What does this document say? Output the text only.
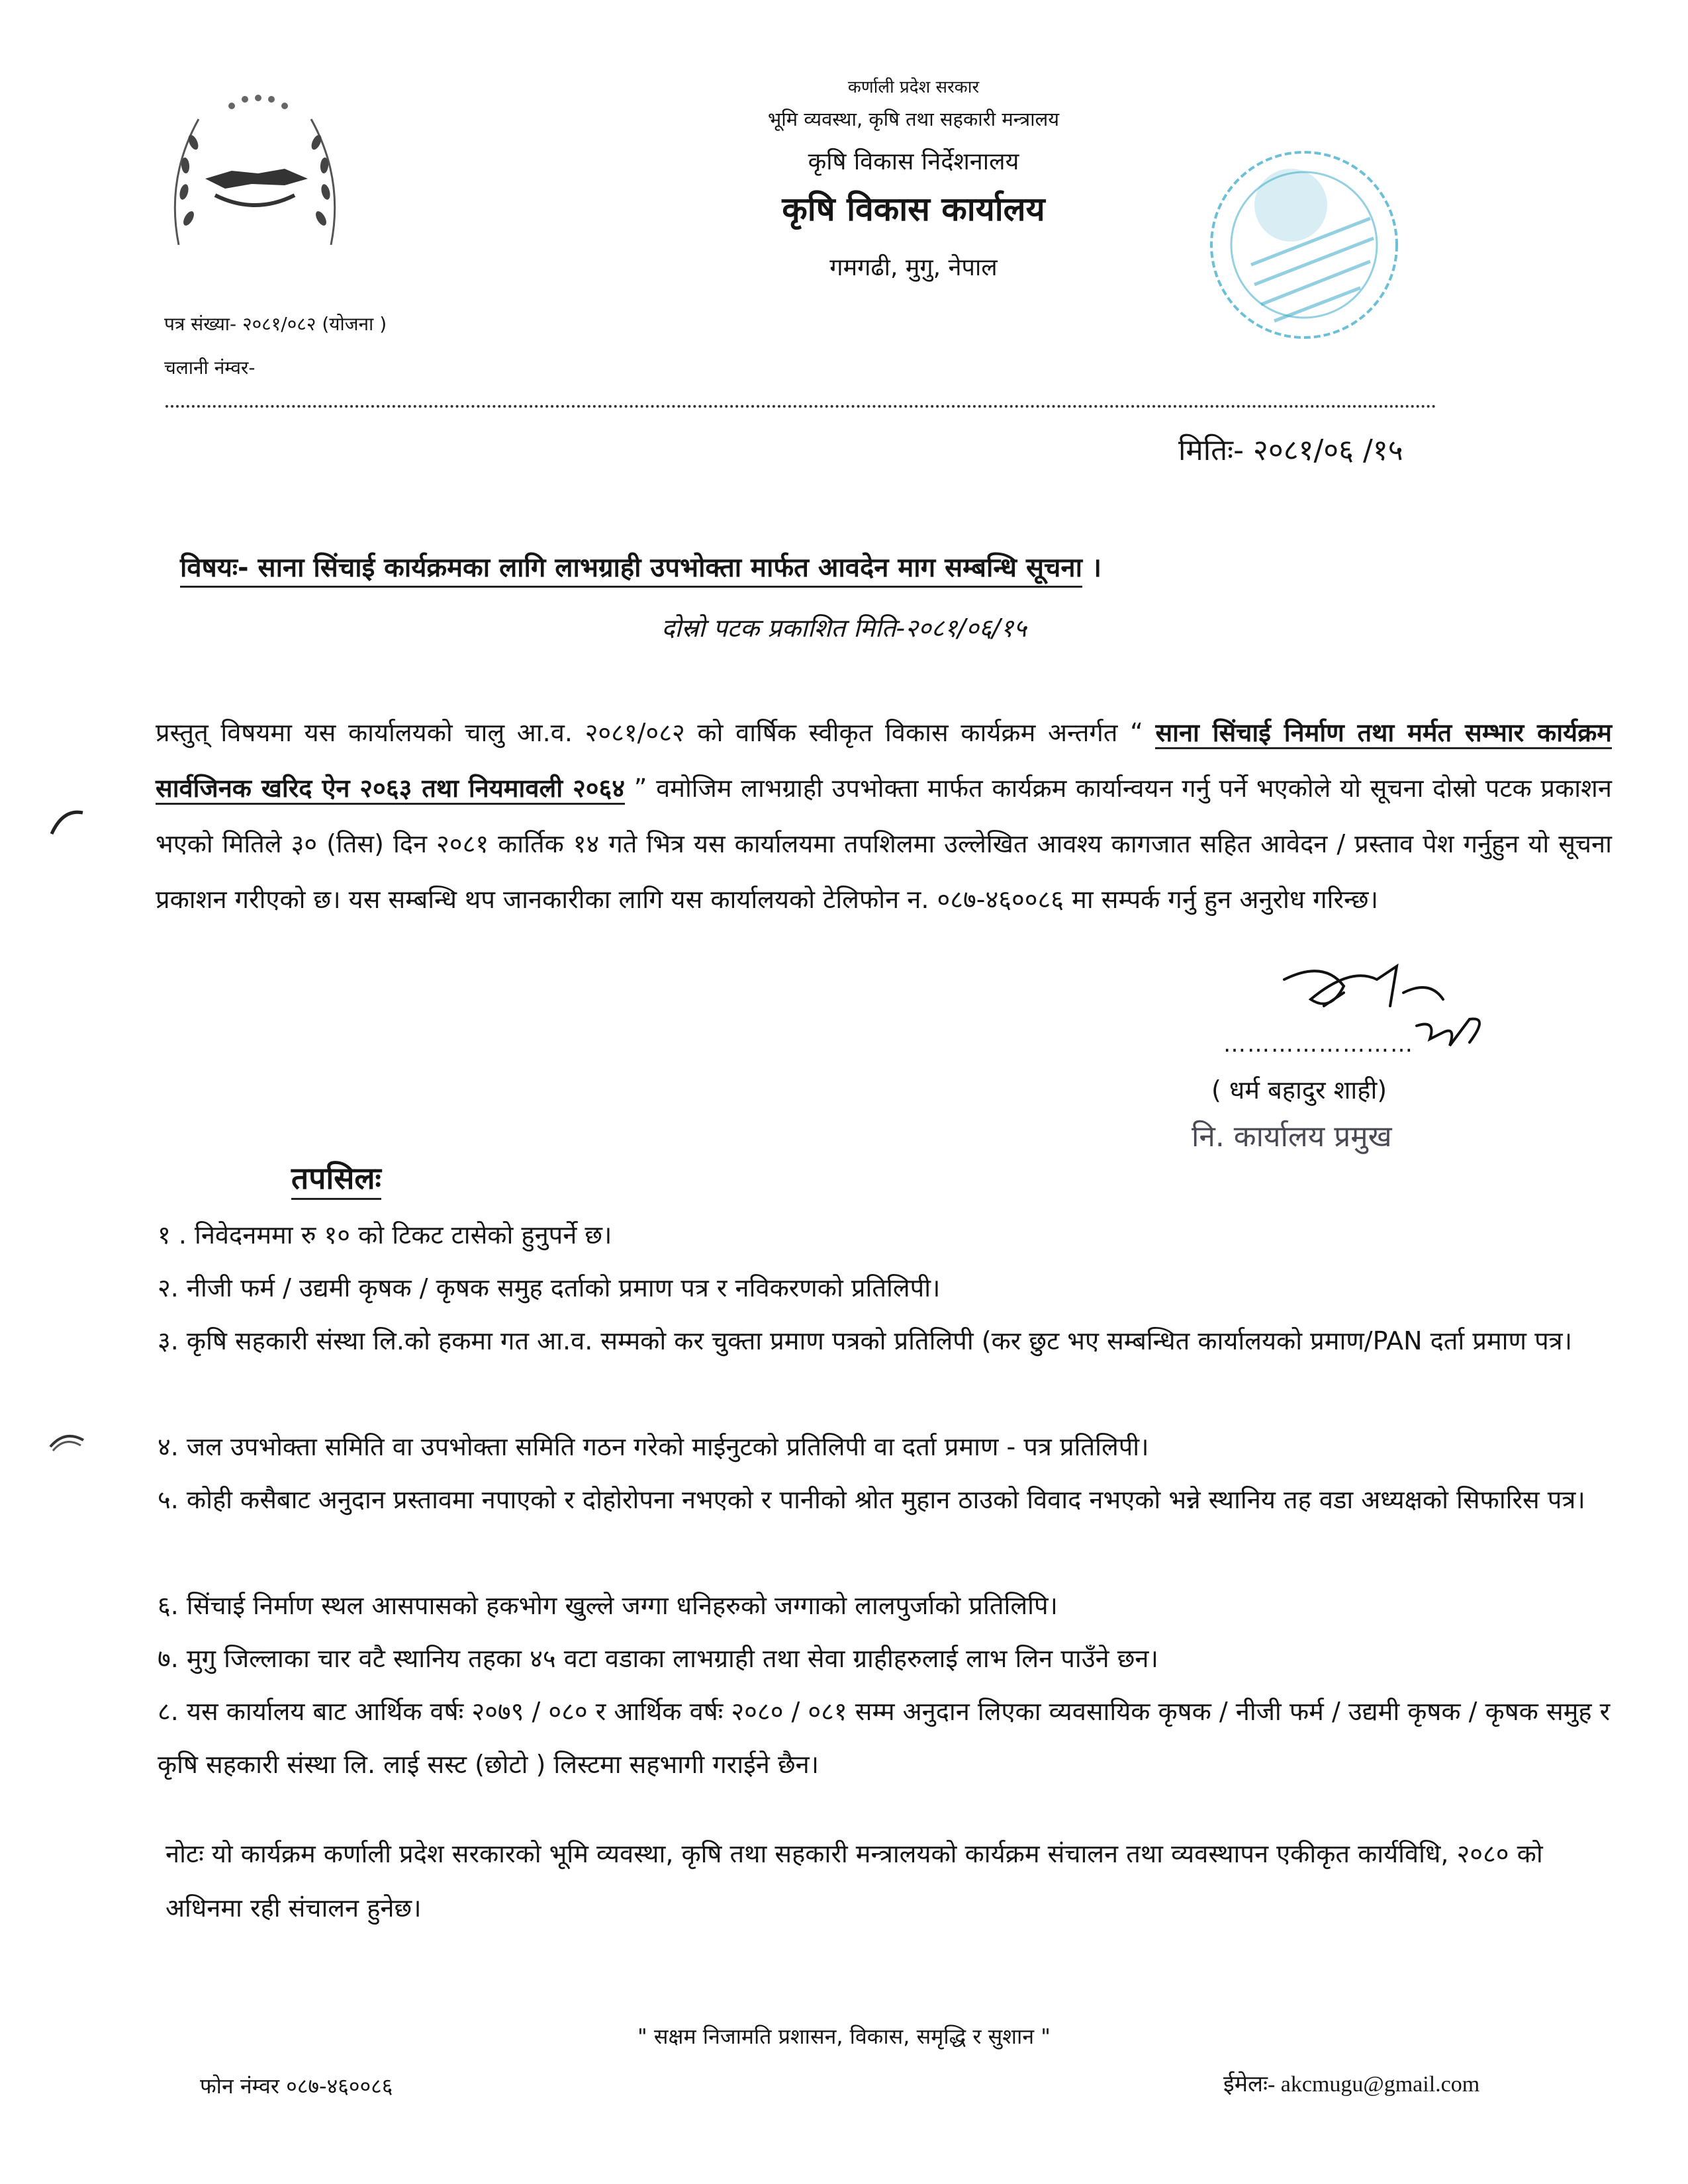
कर्णाली प्रदेश सरकार
भूमि व्यवस्था, कृषि तथा सहकारी मन्त्रालय
कृषि विकास निर्देशनालय
कृषि विकास कार्यालय
गमगढी, मुगु, नेपाल
पत्र संख्या- २०८१/०८२ (योजना )
चलानी नंम्वर-
मितिः- २०८१/०६ /१५
विषयः- साना सिंचाई कार्यक्रमका लागि लाभग्राही उपभोक्ता मार्फत आवदेन माग सम्बन्धि सूचना ।
दोस्रो पटक प्रकाशित मिति-२०८१/०६/१५
प्रस्तुत् विषयमा यस कार्यालयको चालु आ.व. २०८१/०८२ को वार्षिक स्वीकृत विकास कार्यक्रम अन्तर्गत “ साना सिंचाई निर्माण तथा मर्मत सम्भार कार्यक्रम सार्वजिनक खरिद ऐन २०६३ तथा नियमावली २०६४ ” वमोजिम लाभग्राही उपभोक्ता मार्फत कार्यक्रम कार्यान्वयन गर्नु पर्ने भएकोले यो सूचना दोस्रो पटक प्रकाशन भएको मितिले ३० (तिस) दिन २०८१ कार्तिक १४ गते भित्र यस कार्यालयमा तपशिलमा उल्लेखित आवश्य कागजात सहित आवेदन / प्रस्ताव पेश गर्नुहुन यो सूचना प्रकाशन गरीएको छ। यस सम्बन्धि थप जानकारीका लागि यस कार्यालयको टेलिफोन न. ०८७-४६००८६ मा सम्पर्क गर्नु हुन अनुरोध गरिन्छ।
……………………
( धर्म बहादुर शाही)
नि. कार्यालय प्रमुख
तपसिलः
१ . निवेदनममा रु १० को टिकट टासेको हुनुपर्ने छ।
२. नीजी फर्म / उद्यमी कृषक / कृषक समुह दर्ताको प्रमाण पत्र र नविकरणको प्रतिलिपी।
३. कृषि सहकारी संस्था लि.को हकमा गत आ.व. सम्मको कर चुक्ता प्रमाण पत्रको प्रतिलिपी (कर छुट भए सम्बन्धित कार्यालयको प्रमाण/PAN दर्ता प्रमाण पत्र।
४. जल उपभोक्ता समिति वा उपभोक्ता समिति गठन गरेको माईनुटको प्रतिलिपी वा दर्ता प्रमाण - पत्र प्रतिलिपी।
५. कोही कसैबाट अनुदान प्रस्तावमा नपाएको र दोहोरोपना नभएको र पानीको श्रोत मुहान ठाउको विवाद नभएको भन्ने स्थानिय तह वडा अध्यक्षको सिफारिस पत्र।
६. सिंचाई निर्माण स्थल आसपासको हकभोग खुल्ले जग्गा धनिहरुको जग्गाको लालपुर्जाको प्रतिलिपि।
७. मुगु जिल्लाका चार वटै स्थानिय तहका ४५ वटा वडाका लाभग्राही तथा सेवा ग्राहीहरुलाई लाभ लिन पाउँने छन।
८. यस कार्यालय बाट आर्थिक वर्षः २०७९ / ०८० र आर्थिक वर्षः २०८० / ०८१ सम्म अनुदान लिएका व्यवसायिक कृषक / नीजी फर्म / उद्यमी कृषक / कृषक समुह र कृषि सहकारी संस्था लि. लाई सस्ट (छोटो ) लिस्टमा सहभागी गराईने छैन।
नोटः यो कार्यक्रम कर्णाली प्रदेश सरकारको भूमि व्यवस्था, कृषि तथा सहकारी मन्त्रालयको कार्यक्रम संचालन तथा व्यवस्थापन एकीकृत कार्यविधि, २०८० को अधिनमा रही संचालन हुनेछ।
" सक्षम निजामति प्रशासन, विकास, समृद्धि र सुशान "
फोन नंम्वर ०८७-४६००८६	ईमेलः- akcmugu@gmail.com
